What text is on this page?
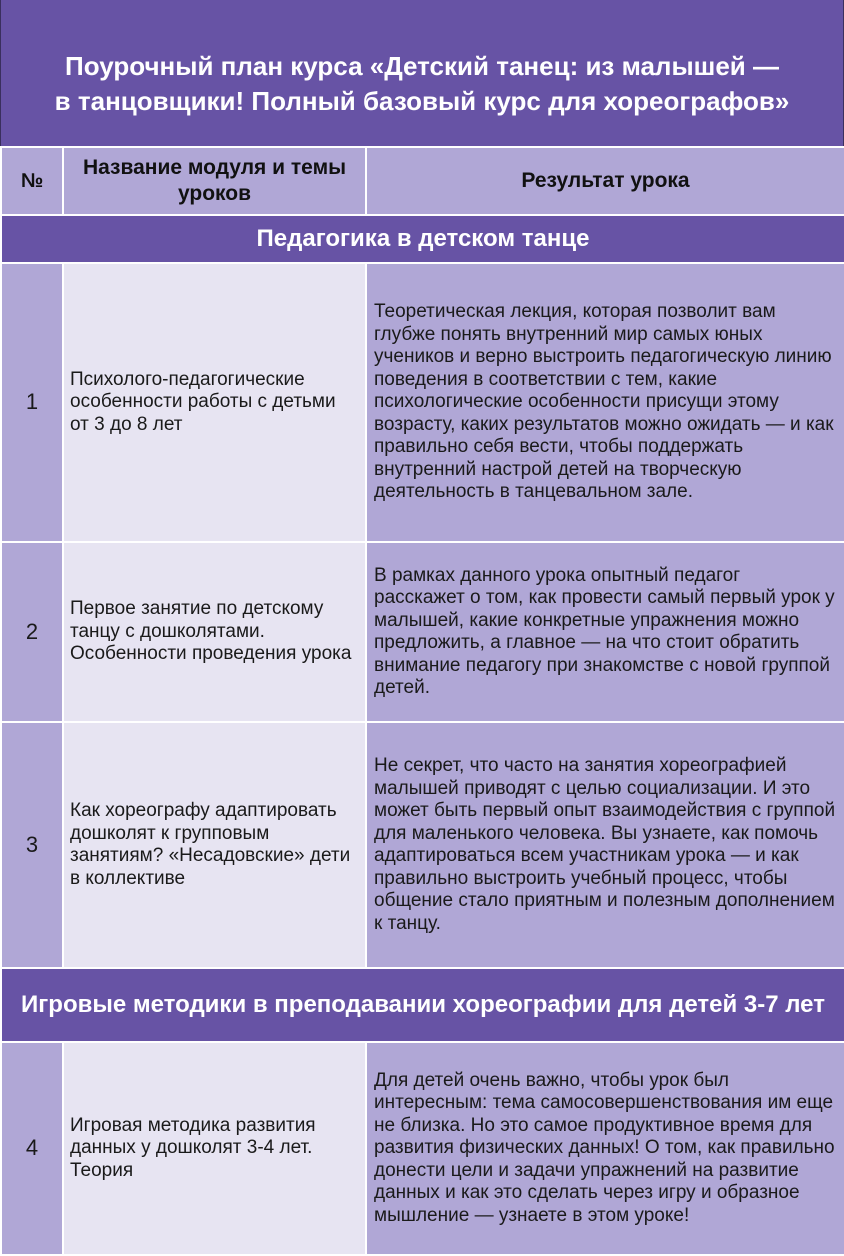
Поурочный план курса «Детский танец: из малышей —
в танцовщики! Полный базовый курс для хореографов»
№	Название модуля и темы уроков	Результат урока
Педагогика в детском танце		
1	Психолого-педагогические особенности работы с детьми от 3 до 8 лет	Теоретическая лекция, которая позволит вам глубже понять внутренний мир самых юных учеников и верно выстроить педагогическую линию поведения в соответствии с тем, какие психологические особенности присущи этому возрасту, каких результатов можно ожидать — и как правильно себя вести, чтобы поддержать внутренний настрой детей на творческую деятельность в танцевальном зале.
2	Первое занятие по детскому танцу с дошколятами. Особенности проведения урока	В рамках данного урока опытный педагог расскажет о том, как провести самый первый урок у малышей, какие конкретные упражнения можно предложить, а главное — на что стоит обратить внимание педагогу при знакомстве с новой группой детей.
3	Как хореографу адаптировать дошколят к групповым занятиям? «Несадовские» дети в коллективе	Не секрет, что часто на занятия хореографией малышей приводят с целью социализации. И это может быть первый опыт взаимодействия с группой для маленького человека. Вы узнаете, как помочь адаптироваться всем участникам урока — и как правильно выстроить учебный процесс, чтобы общение стало приятным и полезным дополнением к танцу.
Игровые методики в преподавании хореографии для детей 3-7 лет		
4	Игровая методика развития данных у дошколят 3-4 лет. Теория	Для детей очень важно, чтобы урок был интересным: тема самосовершенствования им еще не близка. Но это самое продуктивное время для развития физических данных! О том, как правильно донести цели и задачи упражнений на развитие данных и как это сделать через игру и образное мышление — узнаете в этом уроке!
